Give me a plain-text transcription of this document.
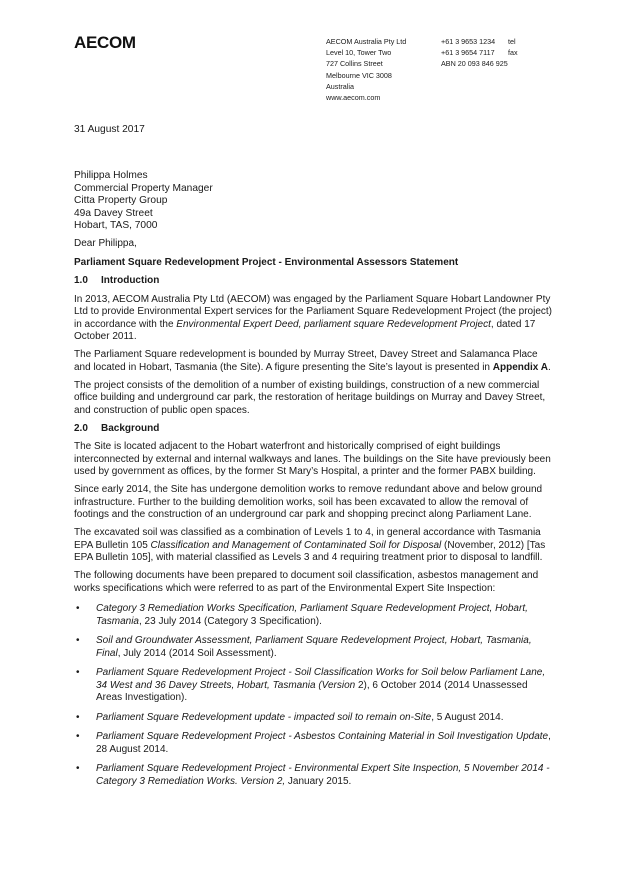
AECOM	AECOM Australia Pty Ltd
Level 10, Tower Two
727 Collins Street
Melbourne VIC 3008
Australia
www.aecom.com
+61 3 9653 1234 tel
+61 3 9654 7117 fax
ABN 20 093 846 925
31 August 2017
Philippa Holmes
Commercial Property Manager
Citta Property Group
49a Davey Street
Hobart, TAS, 7000

Dear Philippa,

Parliament Square Redevelopment Project - Environmental Assessors Statement

1.0 Introduction

In 2013, AECOM Australia Pty Ltd (AECOM) was engaged by the Parliament Square Hobart Landowner Pty Ltd to provide Environmental Expert services for the Parliament Square Redevelopment Project (the project) in accordance with the Environmental Expert Deed, parliament square Redevelopment Project, dated 17 October 2011.

The Parliament Square redevelopment is bounded by Murray Street, Davey Street and Salamanca Place and located in Hobart, Tasmania (the Site). A figure presenting the Site’s layout is presented in Appendix A.

The project consists of the demolition of a number of existing buildings, construction of a new commercial office building and underground car park, the restoration of heritage buildings on Murray and Davey Street, and construction of public open spaces.

2.0 Background

The Site is located adjacent to the Hobart waterfront and historically comprised of eight buildings interconnected by external and internal walkways and lanes. The buildings on the Site have previously been used by government as offices, by the former St Mary’s Hospital, a printer and the former PABX building.

Since early 2014, the Site has undergone demolition works to remove redundant above and below ground infrastructure. Further to the building demolition works, soil has been excavated to allow the removal of footings and the construction of an underground car park and shopping precinct along Parliament Lane.

The excavated soil was classified as a combination of Levels 1 to 4, in general accordance with Tasmania EPA Bulletin 105 Classification and Management of Contaminated Soil for Disposal (November, 2012) [Tas EPA Bulletin 105], with material classified as Levels 3 and 4 requiring treatment prior to disposal to landfill.

The following documents have been prepared to document soil classification, asbestos management and works specifications which were referred to as part of the Environmental Expert Site Inspection:

• Category 3 Remediation Works Specification, Parliament Square Redevelopment Project, Hobart, Tasmania, 23 July 2014 (Category 3 Specification).
• Soil and Groundwater Assessment, Parliament Square Redevelopment Project, Hobart, Tasmania, Final, July 2014 (2014 Soil Assessment).
• Parliament Square Redevelopment Project - Soil Classification Works for Soil below Parliament Lane, 34 West and 36 Davey Streets, Hobart, Tasmania (Version 2), 6 October 2014 (2014 Unassessed Areas Investigation).
• Parliament Square Redevelopment update - impacted soil to remain on-Site, 5 August 2014.
• Parliament Square Redevelopment Project - Asbestos Containing Material in Soil Investigation Update, 28 August 2014.
• Parliament Square Redevelopment Project - Environmental Expert Site Inspection, 5 November 2014 - Category 3 Remediation Works. Version 2, January 2015.
